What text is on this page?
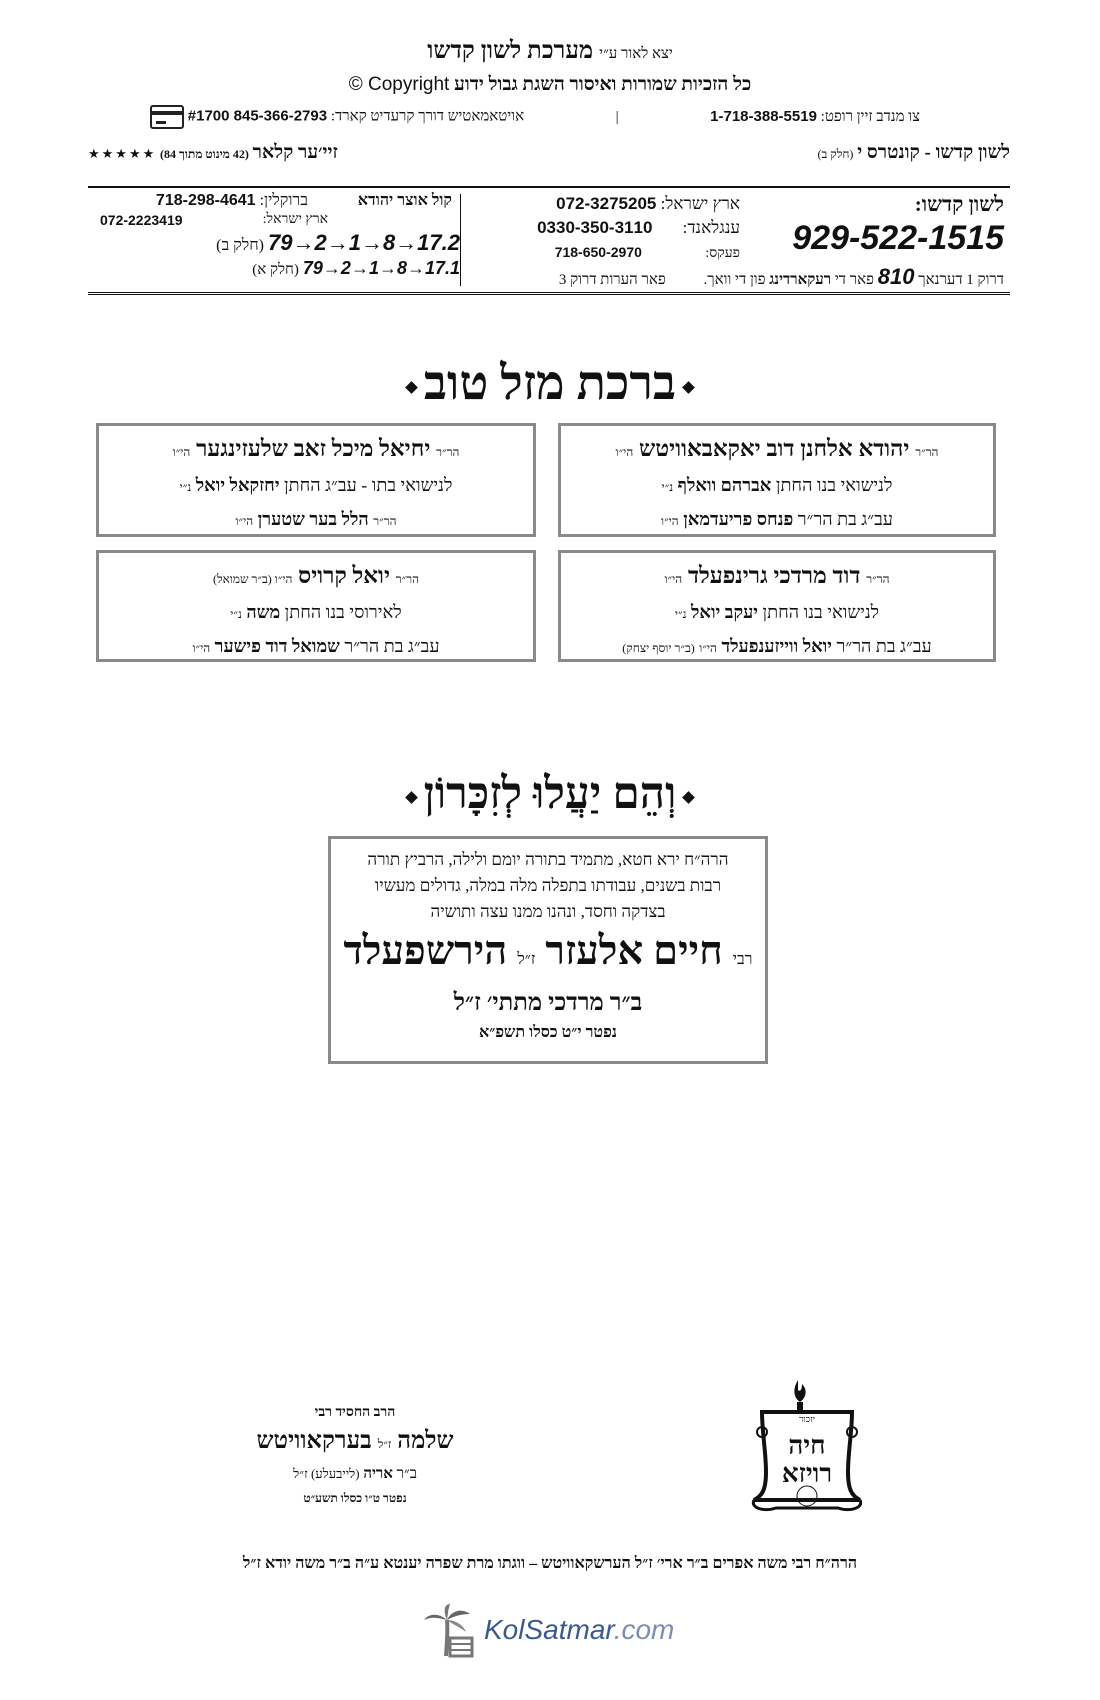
יצא לאור ע״י מערכת לשון קדשו
כל הזכיות שמורות ואיסור השגת גבול ידוע Copyright ©
צו מנדב זיין רופט: 1-718-388-5519
|
אויטאמאטיש דורך קרעדיט קארד: 845-366-2793 #1700
לשון קדשו - קונטרס י (חלק ב)
זיי׳ער קלאר (42 מינוט מתוך 84) ★★★★★
לשון קדשו:
929-522-1515
ארץ ישראל: 072-3275205
ענגלאנד: 0330-350-3110
פעקס: 718-650-2970
דרוק 1 דערנאך 810 פאר די רעקארדינג פון די וואך. פאר הערות דרוק 3
קול אוצר יהודא
ברוקלין: 718-298-4641
ארץ ישראל:
072-2223419
79→2→1→8→17.2 (חלק ב)
79→2→1→8→17.1 (חלק א)
ברכת מזל טוב
הר״ר יהודא אלחנן דוב יאקאבאוויטש הי״ו
לנישואי בנו החתן אברהם וואלף נ״י
עב״ג בת הר״ר פנחס פריעדמאן הי״ו
הר״ר יחיאל מיכל זאב שלעזינגער הי״ו
לנישואי בתו - עב״ג החתן יחזקאל יואל נ״י
הר״ר הלל בער שטערן הי״ו
הר״ר דוד מרדכי גרינפעלד הי״ו
לנישואי בנו החתן יעקב יואל נ״י
עב״ג בת הר״ר יואל ווייזענפעלד הי״ו (ב״ר יוסף יצחק)
הר״ר יואל קרויס הי״ו (ב״ר שמואל)
לאירוסי בנו החתן משה נ״י
עב״ג בת הר״ר שמואל דוד פישער הי״ו
וְהֵם יַעֲלוּ לְזִכָּרוֹן
הרה״ח ירא חטא, מתמיד בתורה יומם ולילה, הרביץ תורה
רבות בשנים, עבודתו בתפלה מלה במלה, גדולים מעשיו
בצדקה וחסד, ונהנו ממנו עצה ותושיה
רבי חיים אלעזר ז״ל הירשפעלד
ב״ר מרדכי מתתי׳ ז״ל
נפטר י״ט כסלו תשפ״א
הרב החסיד רבי
שלמה ז״ל בערקאוויטש
ב״ר אריה (לייבעלע) ז״ל
נפטר ט״ו כסלו תשע״ט
יזכור
חיה
רויזא
הרה״ח רבי משה אפרים ב״ר ארי׳ ז״ל הערשקאוויטש – ווגתו מרת שפרה יענטא ע״ה ב״ר משה יודא ז״ל
KolSatmar.com
